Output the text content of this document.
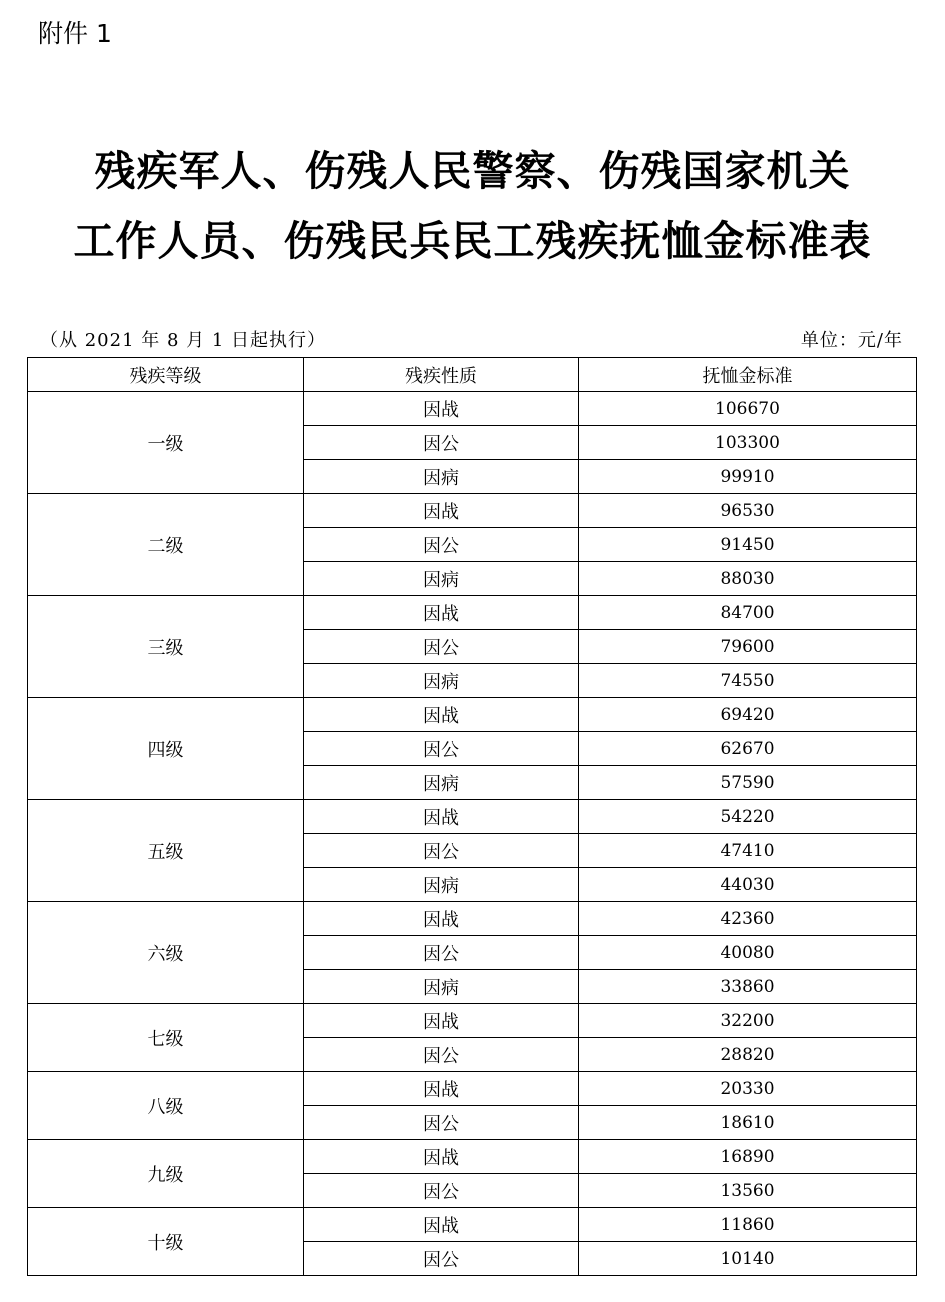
附件 1
残疾军人、伤残人民警察、伤残国家机关
工作人员、伤残民兵民工残疾抚恤金标准表
（从 2021 年 8 月 1 日起执行）	单位：元/年
残疾等级	残疾性质	抚恤金标准
一级	因战	106670
	因公	103300
	因病	99910
二级	因战	96530
	因公	91450
	因病	88030
三级	因战	84700
	因公	79600
	因病	74550
四级	因战	69420
	因公	62670
	因病	57590
五级	因战	54220
	因公	47410
	因病	44030
六级	因战	42360
	因公	40080
	因病	33860
七级	因战	32200
	因公	28820
八级	因战	20330
	因公	18610
九级	因战	16890
	因公	13560
十级	因战	11860
	因公	10140
